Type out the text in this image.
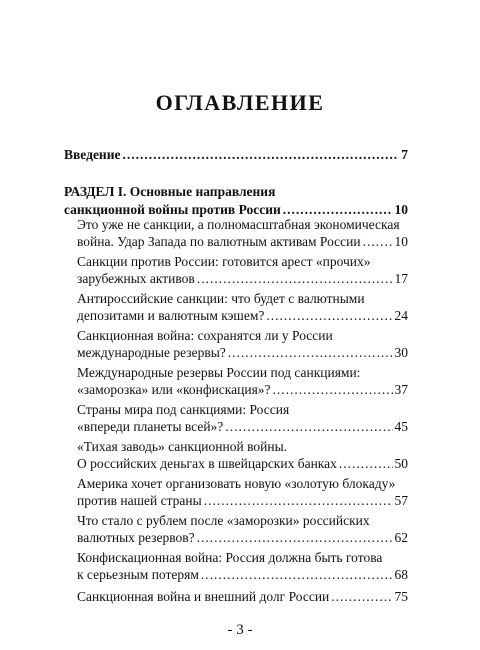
ОГЛАВЛЕНИЕ
Введение .....	7
РАЗДЕЛ I. Основные направления
санкционной войны против России .....	10
Это уже не санкции, а полномасштабная экономическая
война. Удар Запада по валютным активам России .....	10
Санкции против России: готовится арест «прочих»
зарубежных активов .....	17
Антироссийские санкции: что будет с валютными
депозитами и валютным кэшем? .....	24
Санкционная война: сохранятся ли у России
международные резервы? .....	30
Международные резервы России под санкциями:
«заморозка» или «конфискация»? .....	37
Страны мира под санкциями: Россия
«впереди планеты всей»? .....	45
«Тихая заводь» санкционной войны.
О российских деньгах в швейцарских банках .....	50
Америка хочет организовать новую «золотую блокаду»
против нашей страны .....	57
Что стало с рублем после «заморозки» российских
валютных резервов? .....	62
Конфискационная война: Россия должна быть готова
к серьезным потерям .....	68
- 3 -
Санкционная война и внешний долг России .....	75
